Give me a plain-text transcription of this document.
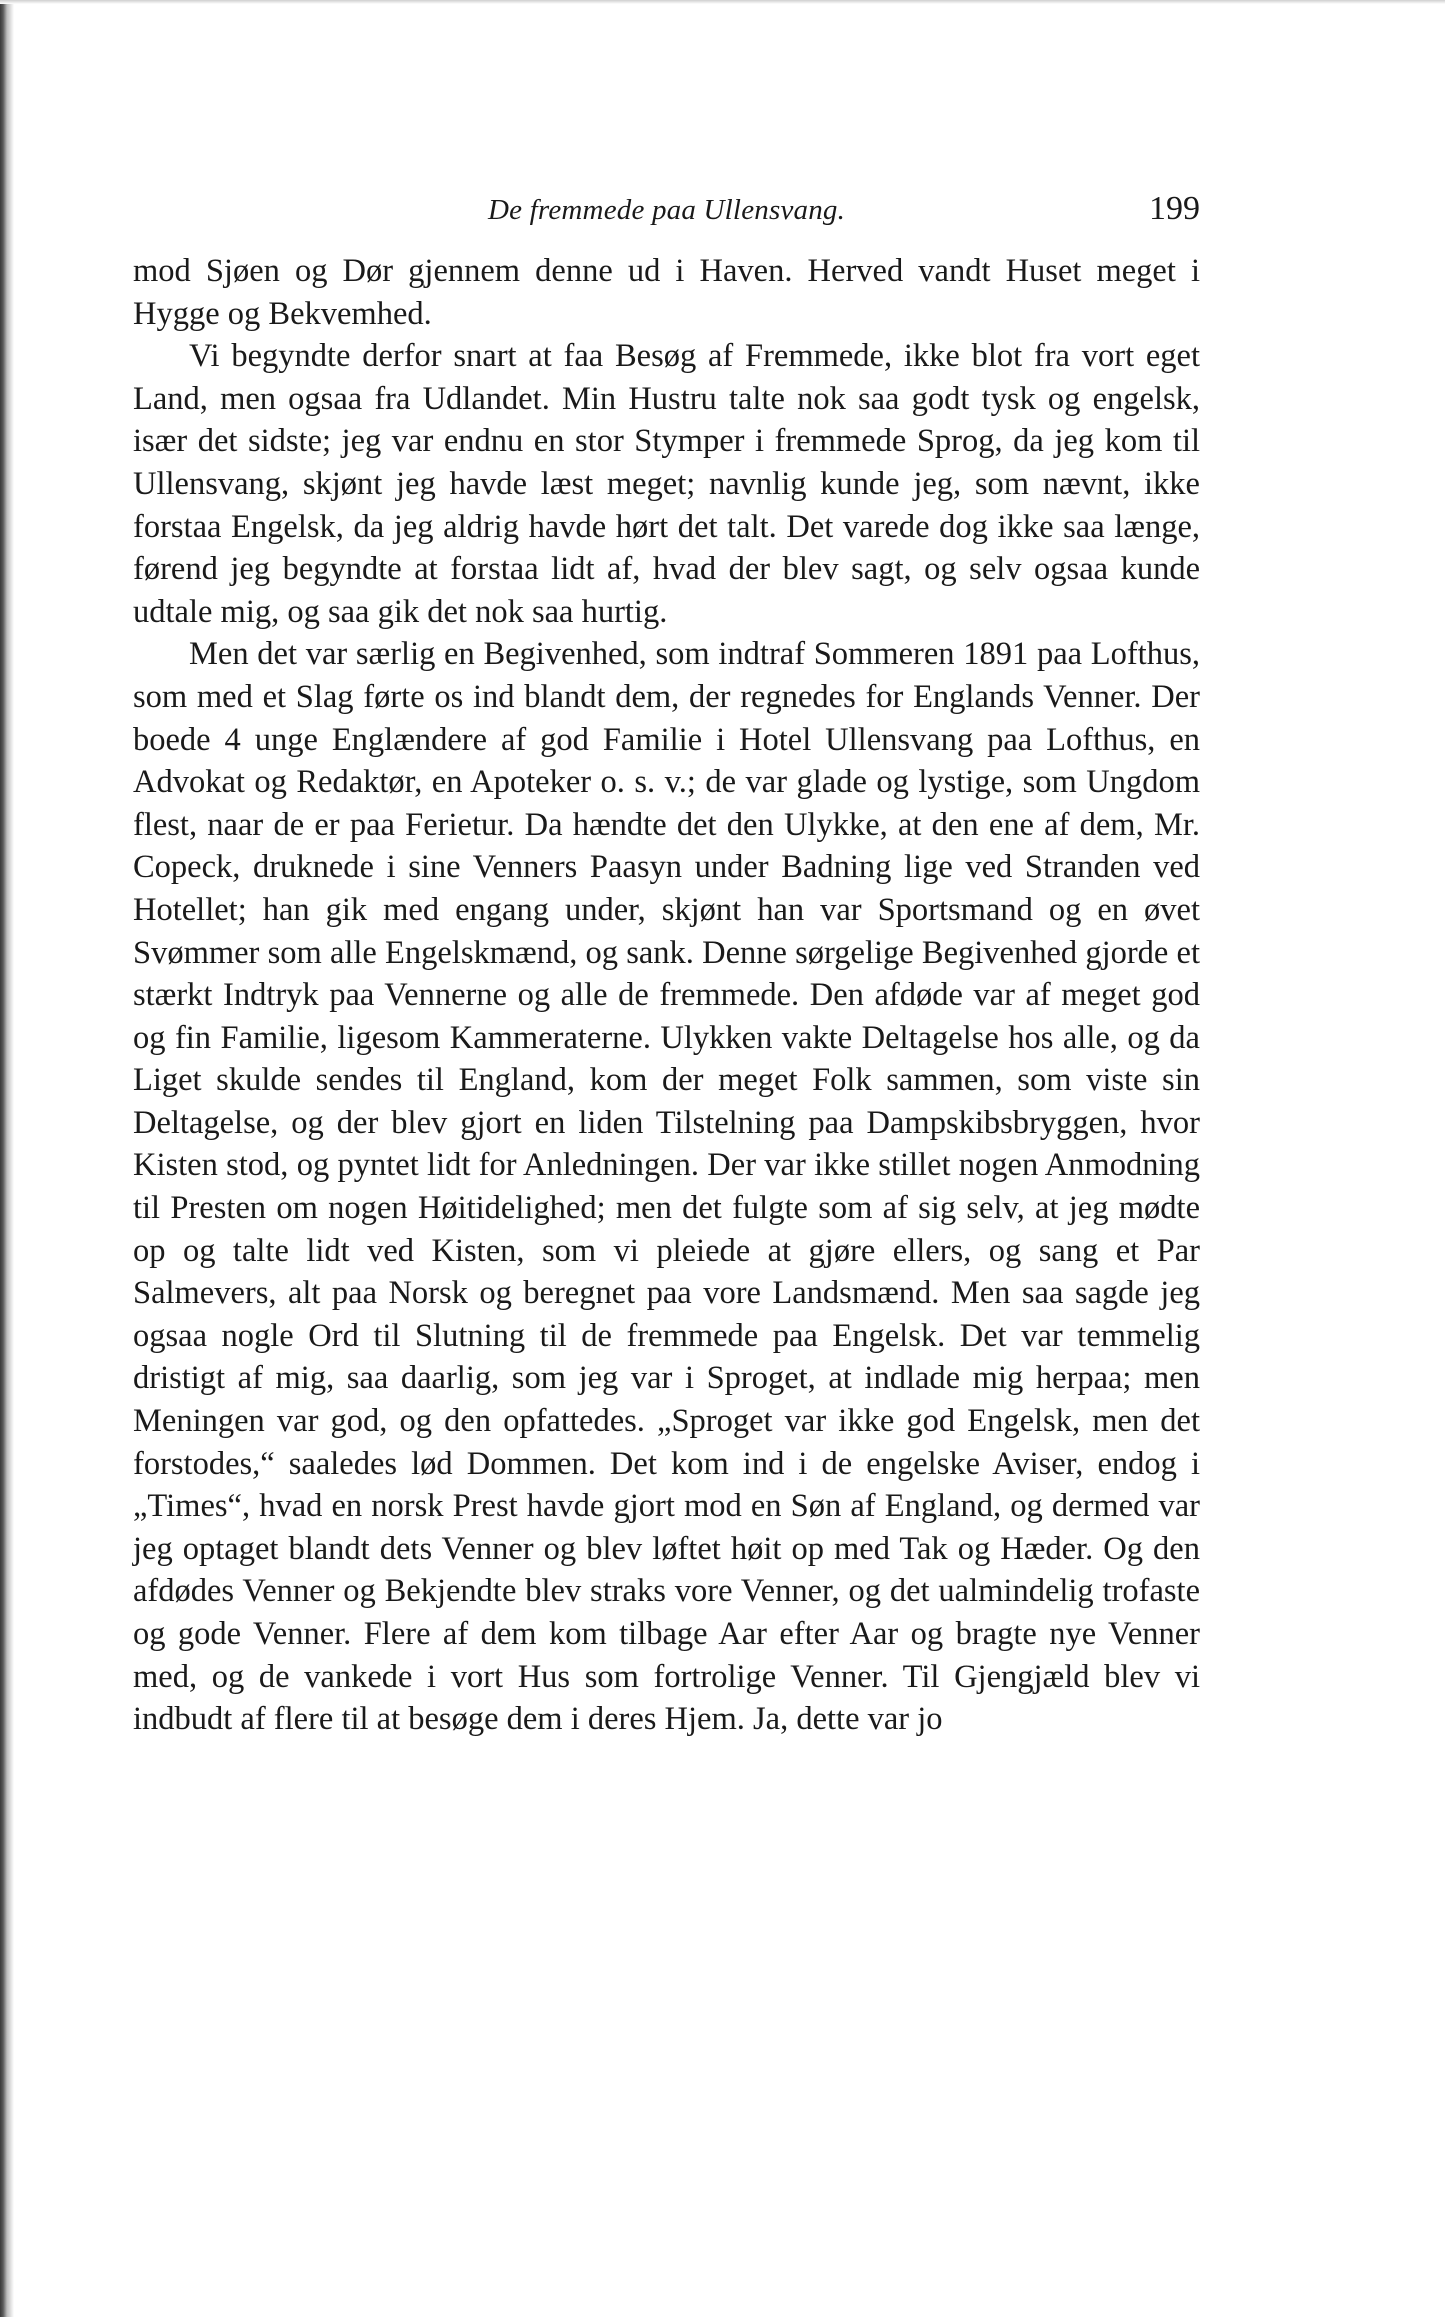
De fremmede paa Ullensvang.	199

mod Sjøen og Dør gjennem denne ud i Haven. Herved vandt Huset meget i Hygge og Bekvemhed.

Vi begyndte derfor snart at faa Besøg af Fremmede, ikke blot fra vort eget Land, men ogsaa fra Udlandet. Min Hustru talte nok saa godt tysk og engelsk, især det sidste; jeg var endnu en stor Stymper i fremmede Sprog, da jeg kom til Ullensvang, skjønt jeg havde læst meget; navnlig kunde jeg, som nævnt, ikke forstaa Engelsk, da jeg aldrig havde hørt det talt. Det varede dog ikke saa længe, førend jeg begyndte at forstaa lidt af, hvad der blev sagt, og selv ogsaa kunde udtale mig, og saa gik det nok saa hurtig.

Men det var særlig en Begivenhed, som indtraf Sommeren 1891 paa Lofthus, som med et Slag førte os ind blandt dem, der regnedes for Englands Venner. Der boede 4 unge Englændere af god Familie i Hotel Ullensvang paa Lofthus, en Advokat og Redaktør, en Apoteker o. s. v.; de var glade og lystige, som Ungdom flest, naar de er paa Ferietur. Da hændte det den Ulykke, at den ene af dem, Mr. Copeck, druknede i sine Venners Paasyn under Badning lige ved Stranden ved Hotellet; han gik med engang under, skjønt han var Sportsmand og en øvet Svømmer som alle Engelskmænd, og sank. Denne sørgelige Begivenhed gjorde et stærkt Indtryk paa Vennerne og alle de fremmede. Den afdøde var af meget god og fin Familie, ligesom Kammeraterne. Ulykken vakte Deltagelse hos alle, og da Liget skulde sendes til England, kom der meget Folk sammen, som viste sin Deltagelse, og der blev gjort en liden Tilstelning paa Dampskibsbryggen, hvor Kisten stod, og pyntet lidt for Anledningen. Der var ikke stillet nogen Anmodning til Presten om nogen Høitidelighed; men det fulgte som af sig selv, at jeg mødte op og talte lidt ved Kisten, som vi pleiede at gjøre ellers, og sang et Par Salmevers, alt paa Norsk og beregnet paa vore Landsmænd. Men saa sagde jeg ogsaa nogle Ord til Slutning til de fremmede paa Engelsk. Det var temmelig dristigt af mig, saa daarlig, som jeg var i Sproget, at indlade mig herpaa; men Meningen var god, og den opfattedes. „Sproget var ikke god Engelsk, men det forstodes,“ saaledes lød Dommen. Det kom ind i de engelske Aviser, endog i „Times“, hvad en norsk Prest havde gjort mod en Søn af England, og dermed var jeg optaget blandt dets Venner og blev løftet høit op med Tak og Hæder. Og den afdødes Venner og Bekjendte blev straks vore Venner, og det ualmindelig trofaste og gode Venner. Flere af dem kom tilbage Aar efter Aar og bragte nye Venner med, og de vankede i vort Hus som fortrolige Venner. Til Gjengjæld blev vi indbudt af flere til at besøge dem i deres Hjem. Ja, dette var jo
